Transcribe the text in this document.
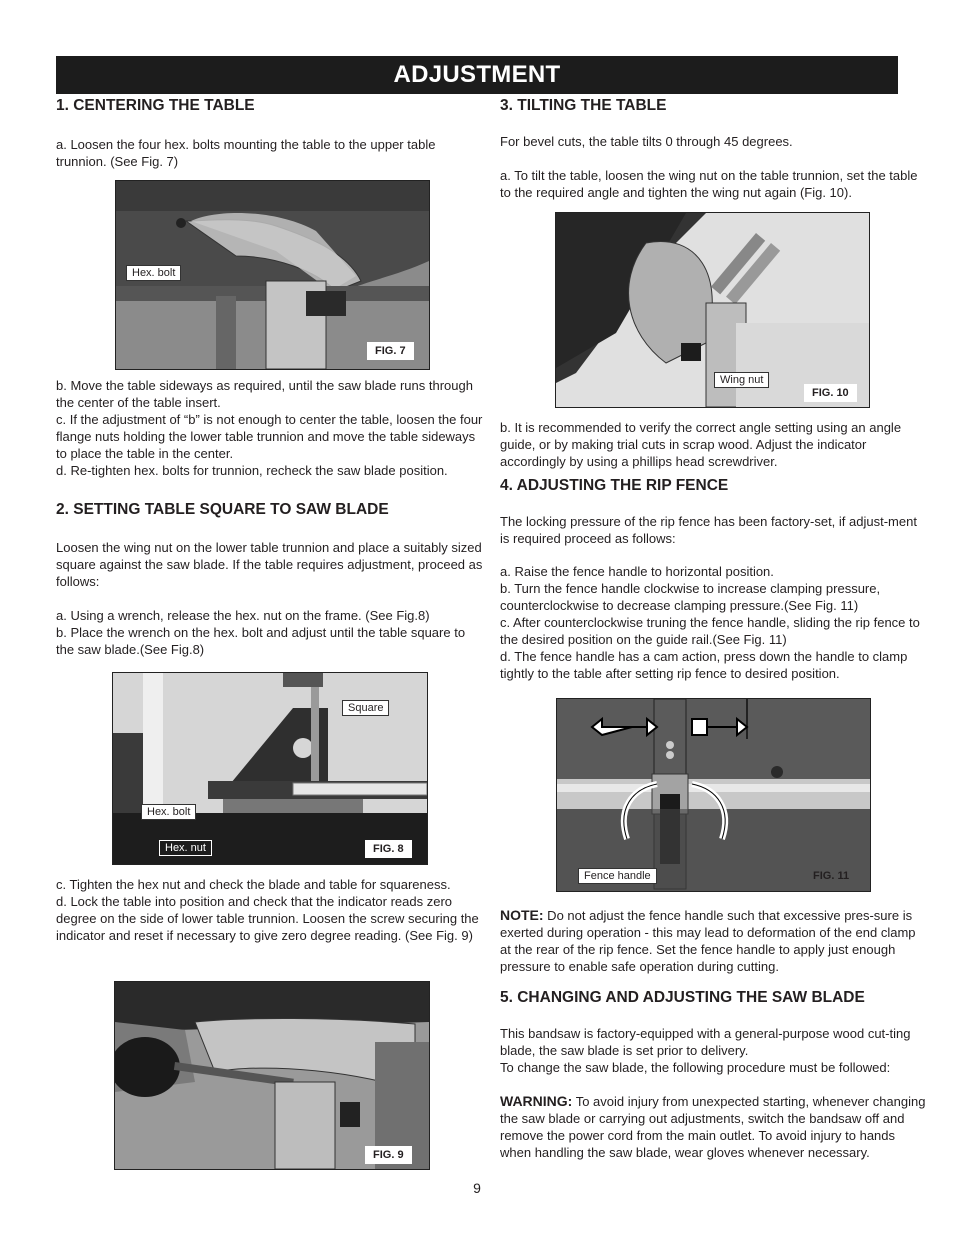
ADJUSTMENT
1. CENTERING THE TABLE

a. Loosen the four hex. bolts mounting the table to the upper table trunnion. (See Fig. 7)

Hex. bolt
FIG. 7

b. Move the table sideways as required, until the saw blade runs through the center of the table insert.

c. If the adjustment of “b” is not enough to center the table, loosen the four flange nuts holding the lower table trunnion and move the table sideways to place the table in the center.

d. Re-tighten hex. bolts for trunnion, recheck the saw blade position.

2. SETTING TABLE SQUARE TO SAW BLADE

Loosen the wing nut on the lower table trunnion and place a suitably sized square against the saw blade. If the table requires adjustment, proceed as follows:

a. Using a wrench, release the hex. nut on the frame. (See Fig.8)

b. Place the wrench on the hex. bolt and adjust until the table square to the saw blade.(See Fig.8)

Square
Hex. bolt
Hex. nut	FIG. 8

c. Tighten the hex nut and check the blade and table for squareness.

d. Lock the table into position and check that the indicator reads zero degree on the side of lower table trunnion. Loosen the screw securing the indicator and reset if necessary to give zero degree reading. (See Fig. 9)

FIG. 9
3. TILTING THE TABLE

For bevel cuts, the table tilts 0 through 45 degrees.

a. To tilt the table, loosen the wing nut on the table trunnion, set the table to the required angle and tighten the wing nut again (Fig. 10).

Wing nut
FIG. 10

b. It is recommended to verify the correct angle setting using an angle guide, or by making trial cuts in scrap wood. Adjust the indicator accordingly by using a phillips head screwdriver.

4. ADJUSTING THE RIP FENCE

The locking pressure of the rip fence has been factory-set, if adjust-ment is required proceed as follows:

a. Raise the fence handle to horizontal position.

b. Turn the fence handle clockwise to increase clamping pressure, counterclockwise to decrease clamping pressure.(See Fig. 11)

c. After counterclockwise truning the fence handle, sliding the rip fence to the desired position on the guide rail.(See Fig. 11)

d. The fence handle has a cam action, press down the handle to clamp tightly to the table after setting rip fence to desired position.

Fence handle	FIG. 11

NOTE: Do not adjust the fence handle such that excessive pres-sure is exerted during operation - this may lead to deformation of the end clamp at the rear of the rip fence. Set the fence handle to apply just enough pressure to enable safe operation during cutting.

5. CHANGING AND ADJUSTING THE SAW BLADE

This bandsaw is factory-equipped with a general-purpose wood cut-ting blade, the saw blade is set prior to delivery.

To change the saw blade, the following procedure must be followed:

WARNING: To avoid injury from unexpected starting, whenever changing the saw blade or carrying out adjustments, switch the bandsaw off and remove the power cord from the main outlet. To avoid injury to hands when handling the saw blade, wear gloves whenever necessary.

9
